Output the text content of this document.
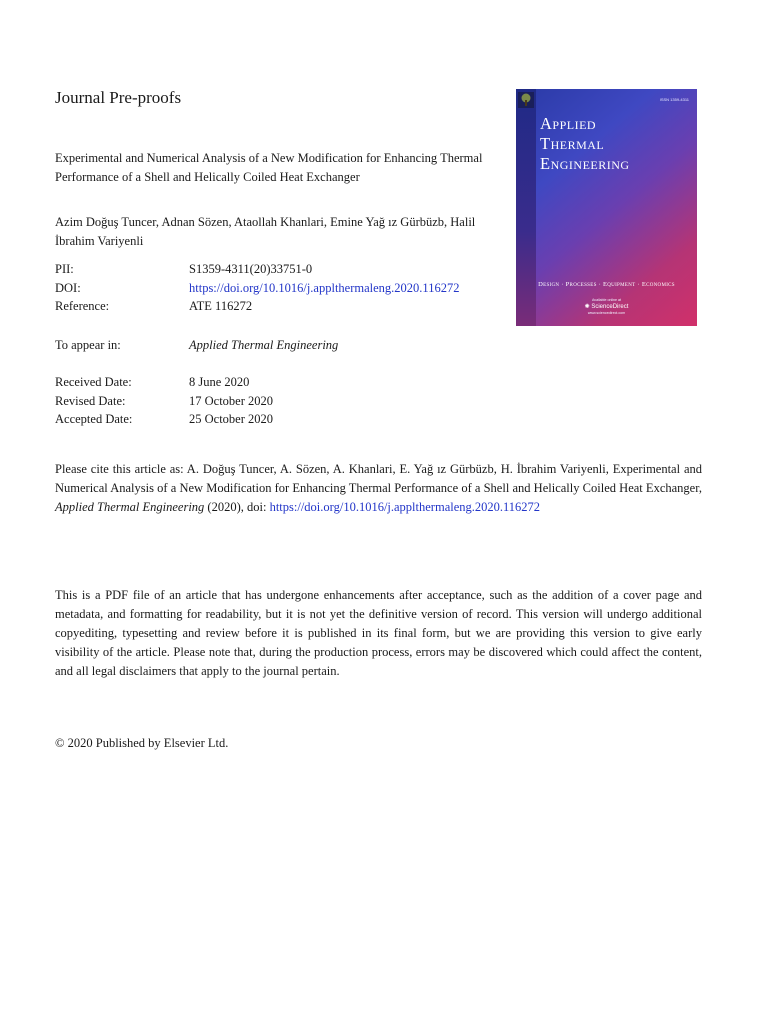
Journal Pre-proofs
Experimental and Numerical Analysis of a New Modification for Enhancing Thermal Performance of a Shell and Helically Coiled Heat Exchanger
Azim Doğuş Tuncer, Adnan Sözen, Ataollah Khanlari, Emine Yağ ız Gürbüzb, Halil İbrahim Variyenli
PII:	S1359-4311(20)33751-0
DOI:	https://doi.org/10.1016/j.applthermaleng.2020.116272
Reference:	ATE 116272
To appear in:	Applied Thermal Engineering
Received Date:	8 June 2020
Revised Date:	17 October 2020
Accepted Date:	25 October 2020
Please cite this article as: A. Doğuş Tuncer, A. Sözen, A. Khanlari, E. Yağ ız Gürbüzb, H. İbrahim Variyenli, Experimental and Numerical Analysis of a New Modification for Enhancing Thermal Performance of a Shell and Helically Coiled Heat Exchanger, Applied Thermal Engineering (2020), doi: https://doi.org/10.1016/j.applthermaleng.2020.116272
This is a PDF file of an article that has undergone enhancements after acceptance, such as the addition of a cover page and metadata, and formatting for readability, but it is not yet the definitive version of record. This version will undergo additional copyediting, typesetting and review before it is published in its final form, but we are providing this version to give early visibility of the article. Please note that, during the production process, errors may be discovered which could affect the content, and all legal disclaimers that apply to the journal pertain.
© 2020 Published by Elsevier Ltd.
ISSN 1359-4311
Applied
Thermal
Engineering
Design · Processes · Equipment · Economics
Available online at
✺ ScienceDirect
www.sciencedirect.com
